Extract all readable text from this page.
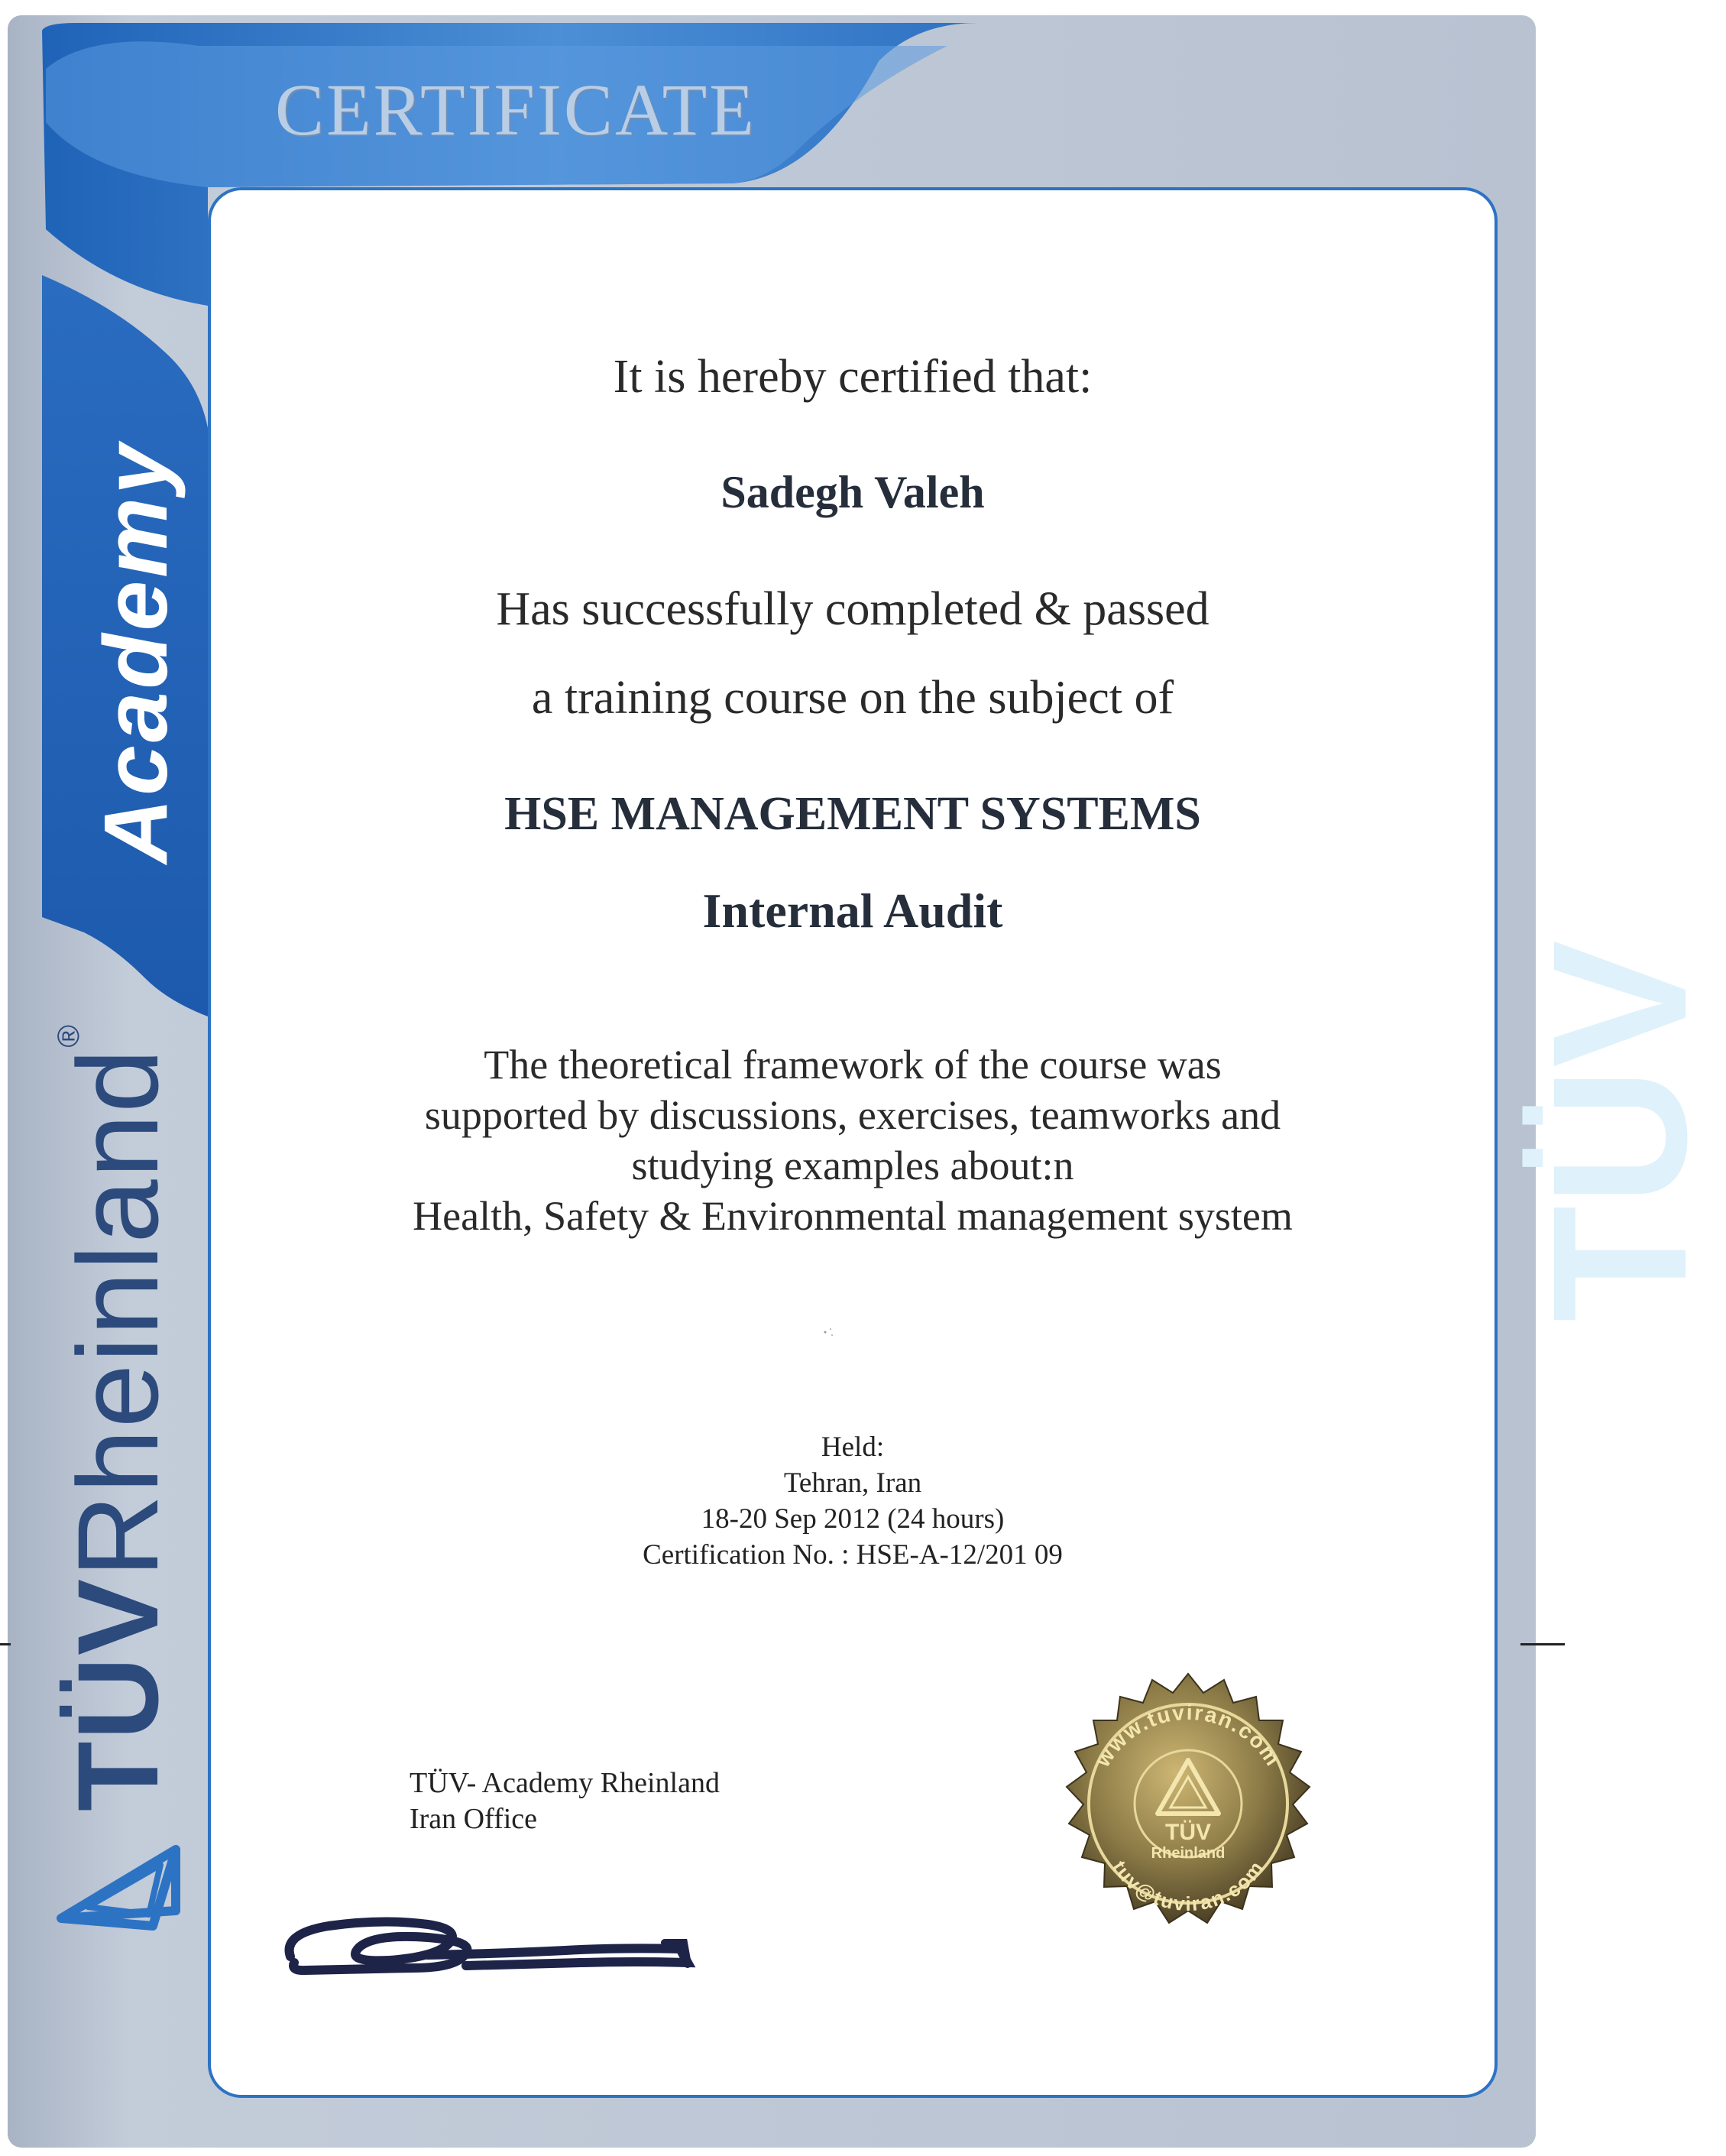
TÜV
CERTIFICATE
Academy
TÜVRheinland®
It is hereby certified that:
Sadegh Valeh
Has successfully completed & passed
a training course on the subject of
HSE MANAGEMENT SYSTEMS
Internal Audit
The theoretical framework of the course was
supported by discussions, exercises, teamworks and
studying examples about:n
Health, Safety & Environmental management system
Held:
Tehran, Iran
18-20 Sep 2012 (24 hours)
Certification No. : HSE-A-12/201 09
TÜV- Academy Rheinland
Iran Office
www.tuviran.com
tuv@tuviran.com
TÜV
Rheinland
